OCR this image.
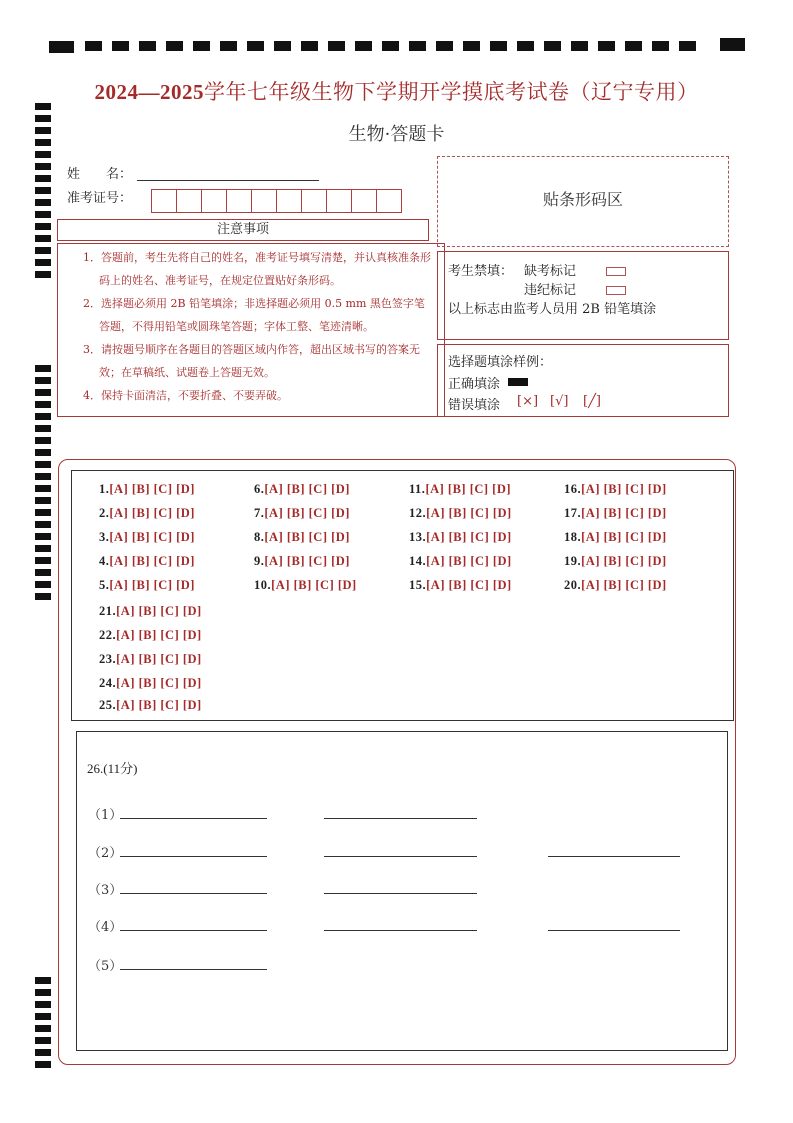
2024—2025学年七年级生物下学期开学摸底考试卷（辽宁专用）
生物·答题卡
姓　　名：
准考证号：	贴条形码区
注意事项

1．答题前，考生先将自己的姓名，准考证号填写清楚，并认真核准条形码上的姓名、准考证号，在规定位置贴好条形码。

2．选择题必须用 2B 铅笔填涂；非选择题必须用 0.5 mm 黑色签字笔答题，不得用铅笔或圆珠笔答题；字体工整、笔迹清晰。

3．请按题号顺序在各题目的答题区域内作答，超出区域书写的答案无效；在草稿纸、试题卷上答题无效。

4．保持卡面清洁，不要折叠、不要弄破。

考生禁填： 缺考标记
违纪标记
以上标志由监考人员用 2B 铅笔填涂
选择题填涂样例：
正确填涂
错误填涂 [×] [√] [╱]
1.[A] [B] [C] [D]
2.[A] [B] [C] [D]
3.[A] [B] [C] [D]
4.[A] [B] [C] [D]
5.[A] [B] [C] [D]
6.[A] [B] [C] [D]
7.[A] [B] [C] [D]
8.[A] [B] [C] [D]
9.[A] [B] [C] [D]
10.[A] [B] [C] [D]
11.[A] [B] [C] [D]
12.[A] [B] [C] [D]
13.[A] [B] [C] [D]
14.[A] [B] [C] [D]
15.[A] [B] [C] [D]
16.[A] [B] [C] [D]
17.[A] [B] [C] [D]
18.[A] [B] [C] [D]
19.[A] [B] [C] [D]
20.[A] [B] [C] [D]
21.[A] [B] [C] [D]
22.[A] [B] [C] [D]
23.[A] [B] [C] [D]
24.[A] [B] [C] [D]
25.[A] [B] [C] [D]
26.(11分)
（1）
（2）
（3）
（4）
（5）
